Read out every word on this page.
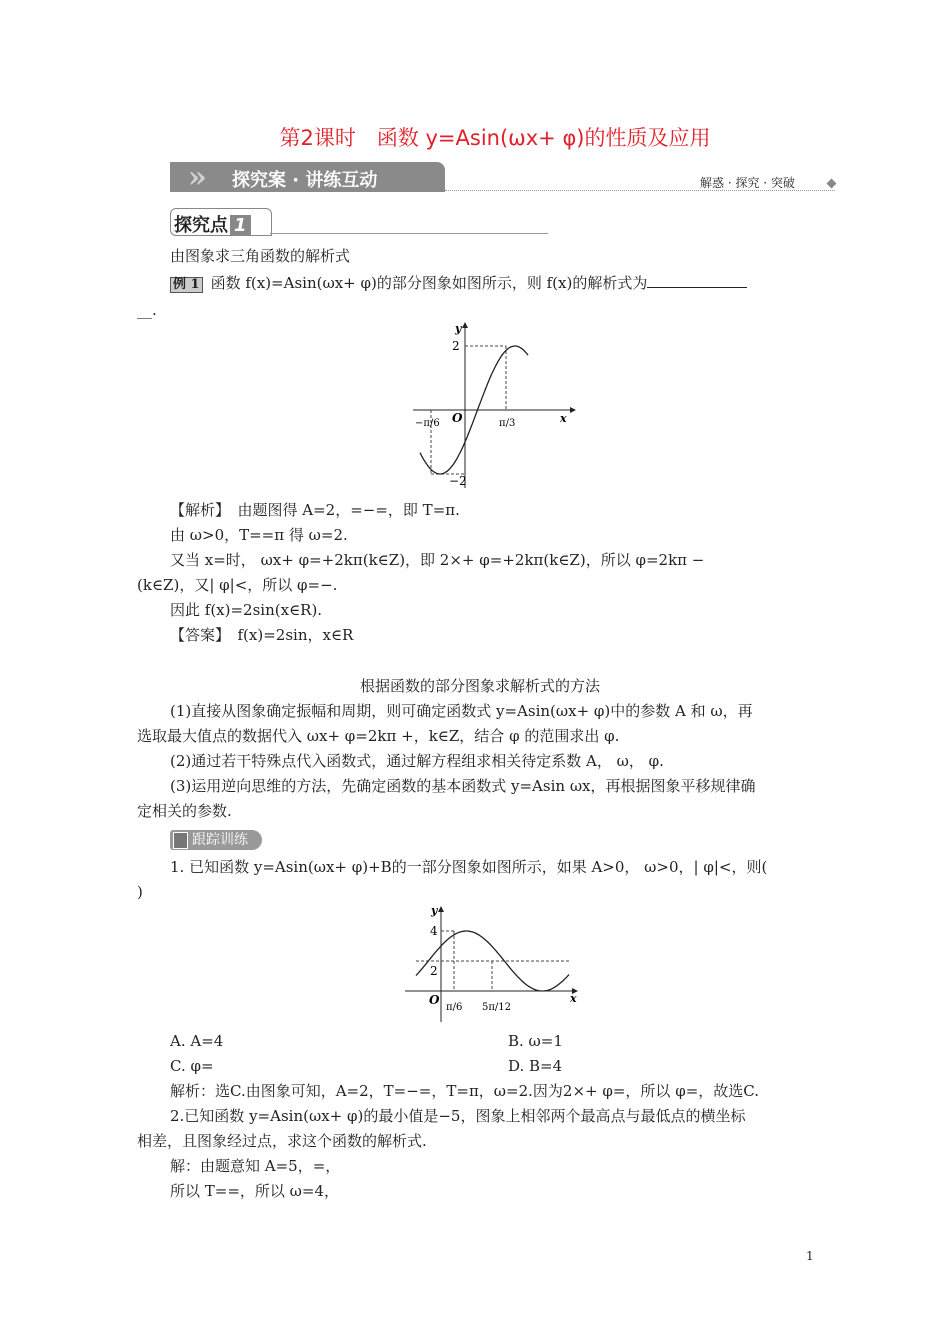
第2课时　函数 y=Asin(ωx+ φ)的性质及应用
» 探究案 · 讲练互动	解惑 · 探究 · 突破
探究点 1
由图象求三角函数的解析式
例 1 函数 f(x)=Asin(ωx+ φ)的部分图象如图所示，则 f(x)的解析式为
__.
y
x
O
2
−2
−π/6	π/3
【解析】　由题图得 A=2，=−=，即 T=π.
由 ω>0，T==π 得 ω=2.
又当 x=时， ωx+ φ=+2kπ(k∈Z)，即 2×+ φ=+2kπ(k∈Z)，所以 φ=2kπ −
(k∈Z)，又| φ|<，所以 φ=−.
因此 f(x)=2sin(x∈R).
【答案】　f(x)=2sin，x∈R
根据函数的部分图象求解析式的方法
(1)直接从图象确定振幅和周期，则可确定函数式 y=Asin(ωx+ φ)中的参数 A 和 ω，再
选取最大值点的数据代入 ωx+ φ=2kπ +，k∈Z，结合 φ 的范围求出 φ.
(2)通过若干特殊点代入函数式，通过解方程组求相关待定系数 A， ω， φ.
(3)运用逆向思维的方法，先确定函数的基本函数式 y=Asin ωx，再根据图象平移规律确
定相关的参数.
跟踪训练
1. 已知函数 y=Asin(ωx+ φ)+B的一部分图象如图所示，如果 A>0， ω>0，| φ|<，则(
)
y
x
O
4
2
π/6 5π/12
A. A=4	B. ω=1
C. φ=	D. B=4
解析：选C.由图象可知，A=2，T=−=，T=π，ω=2.因为2×+ φ=，所以 φ=，故选C.
2.已知函数 y=Asin(ωx+ φ)的最小值是−5，图象上相邻两个最高点与最低点的横坐标
相差，且图象经过点，求这个函数的解析式.
解：由题意知 A=5，=，
所以 T==，所以 ω=4，
1
